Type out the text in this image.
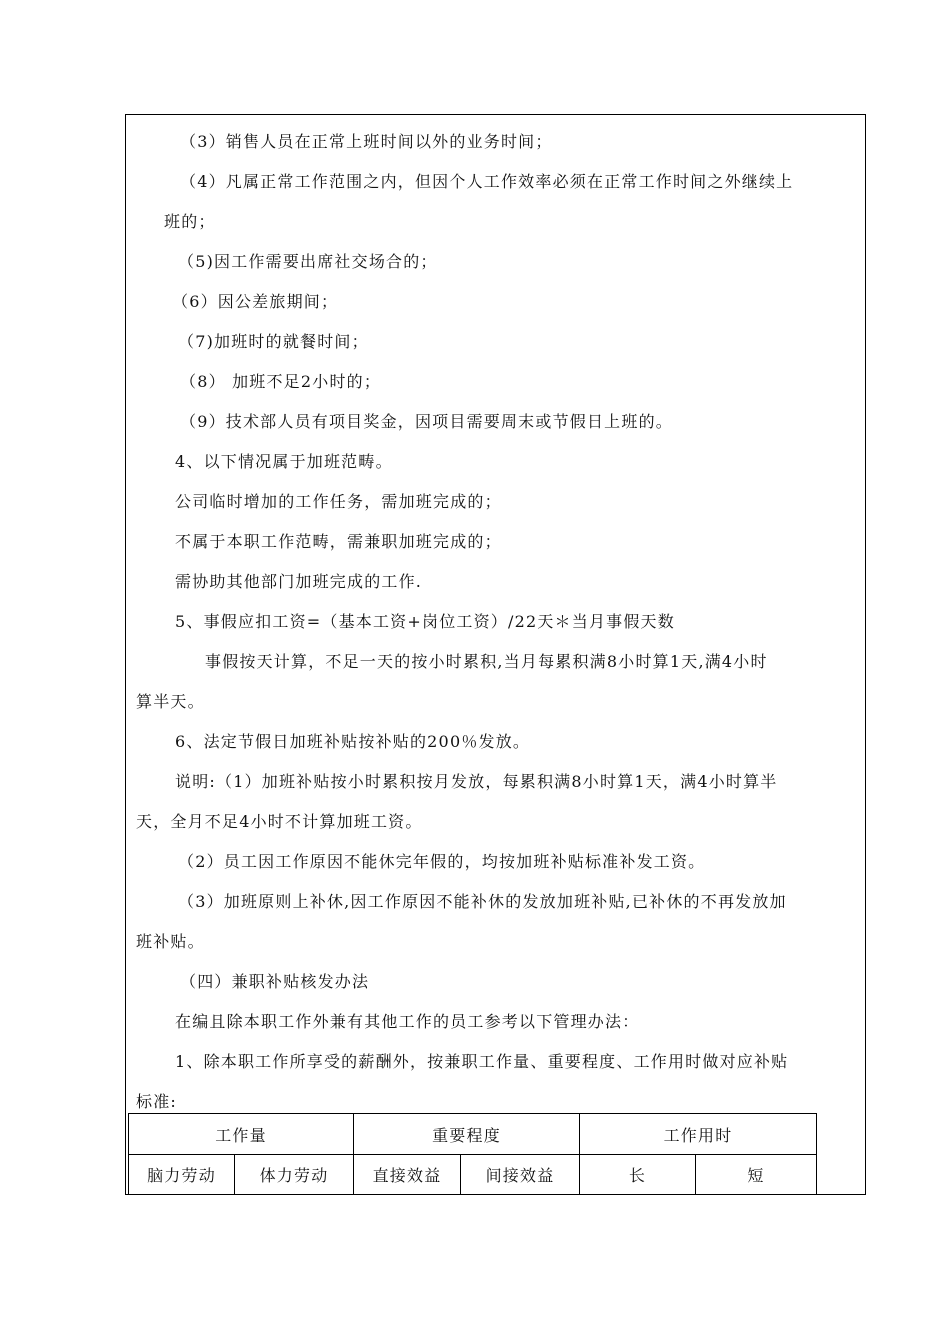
（3）销售人员在正常上班时间以外的业务时间；
（4）凡属正常工作范围之内，但因个人工作效率必须在正常工作时间之外继续上
班的；
（5)因工作需要出席社交场合的；
（6）因公差旅期间；
（7)加班时的就餐时间；
（8） 加班不足2小时的；
（9）技术部人员有项目奖金，因项目需要周末或节假日上班的。
4、以下情况属于加班范畴。
公司临时增加的工作任务，需加班完成的；
不属于本职工作范畴，需兼职加班完成的；
需协助其他部门加班完成的工作.
5、事假应扣工资=（基本工资+岗位工资）/22天＊当月事假天数
事假按天计算，不足一天的按小时累积,当月每累积满8小时算1天,满4小时
算半天。
6、法定节假日加班补贴按补贴的200％发放。
说明:（1）加班补贴按小时累积按月发放，每累积满8小时算1天，满4小时算半
天，全月不足4小时不计算加班工资。
（2）员工因工作原因不能休完年假的，均按加班补贴标准补发工资。
（3）加班原则上补休,因工作原因不能补休的发放加班补贴,已补休的不再发放加
班补贴。
（四）兼职补贴核发办法
在编且除本职工作外兼有其他工作的员工参考以下管理办法：
1、除本职工作所享受的薪酬外，按兼职工作量、重要程度、工作用时做对应补贴
标准:
工作量		重要程度		工作用时	
脑力劳动	体力劳动	直接效益	间接效益	长	短
